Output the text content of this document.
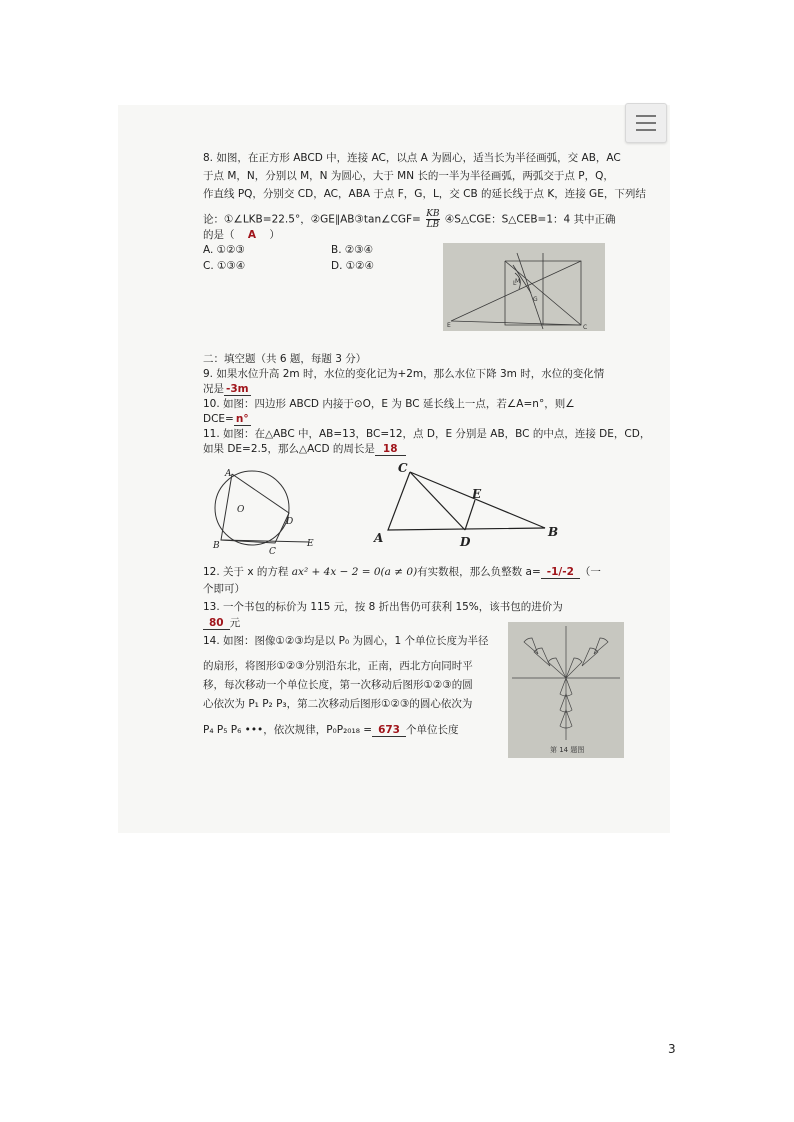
8. 如图，在正方形 ABCD 中，连接 AC，以点 A 为圆心，适当长为半径画弧，交 AB，AC
于点 M，N，分别以 M，N 为圆心，大于 MN 长的一半为半径画弧，两弧交于点 P，Q，
作直线 PQ，分别交 CD，AC，ABA 于点 F，G，L，交 CB 的延长线于点 K，连接 GE，下列结
论：①∠LKB=22.5°，②GE∥AB③tan∠CGF= $\frac{KB}{LB}$ ④S△CGE：S△CEB=1：4 其中正确
的是（ A ）
A. ①②③	B. ②③④
C. ①③④	D. ①②④
E
L
G
C
M
二：填空题（共 6 题，每题 3 分）
9. 如果水位升高 2m 时，水位的变化记为+2m，那么水位下降 3m 时，水位的变化情
况是 -3m
10. 如图：四边形 ABCD 内接于⊙O，E 为 BC 延长线上一点，若∠A=n°，则∠
DCE= n°
11. 如图：在△ABC 中，AB=13，BC=12，点 D，E 分别是 AB，BC 的中点，连接 DE，CD，
如果 DE=2.5，那么△ACD 的周长是 18
A
O
D
B
C
E
C
E
A	D
B
12. 关于 x 的方程 ax² + 4x − 2 = 0(a ≠ 0)有实数根，那么负整数 a= -1/-2 （一
个即可）
13. 一个书包的标价为 115 元，按 8 折出售仍可获利 15%，该书包的进价为
80 元
14. 如图：图像①②③均是以 P₀ 为圆心，1 个单位长度为半径
的扇形，将图形①②③分别沿东北，正南，西北方向同时平
移，每次移动一个单位长度，第一次移动后图形①②③的圆
心依次为 P₁ P₂ P₃，第二次移动后图形①②③的圆心依次为
P₄ P₅ P₆ •••，依次规律，P₀P₂₀₁₈ = 673 个单位长度
第 14 题图
3
